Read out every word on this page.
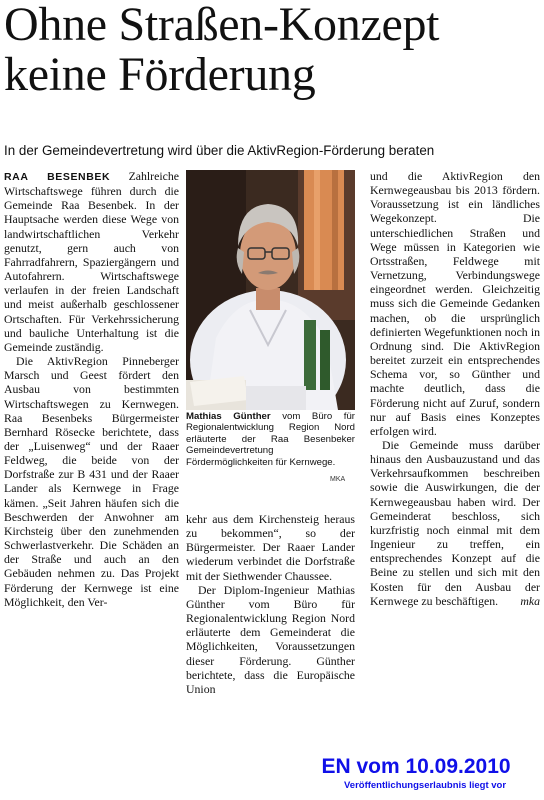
Ohne Straßen-Konzept
keine Förderung
In der Gemeindevertretung wird über die AktivRegion-Förderung beraten

RAA BESENBEK Zahlreiche Wirtschaftswege führen durch die Gemeinde Raa Besenbek. In der Hauptsache werden diese Wege von landwirtschaftlichen Verkehr genutzt, gern auch von Fahrradfahrern, Spaziergängern und Autofahrern. Wirtschaftswege verlaufen in der freien Landschaft und meist außerhalb geschlossener Ortschaften. Für Verkehrssicherung und bauliche Unterhaltung ist die Gemeinde zuständig.

Die AktivRegion Pinneberger Marsch und Geest fördert den Ausbau von bestimmten Wirtschaftswegen zu Kernwegen. Raa Besenbeks Bürgermeister Bernhard Rösecke berichtete, dass der „Luisenweg“ und der Raaer Feldweg, die beide von der Dorfstraße zur B 431 und der Raaer Lander als Kernwege in Frage kämen. „Seit Jahren häufen sich die Beschwerden der Anwohner am Kirchsteig über den zunehmenden Schwerlastverkehr. Die Schäden an der Straße und auch an den Gebäuden nehmen zu. Das Projekt Förderung der Kernwege ist eine Möglichkeit, den Ver-

Mathias Günther vom Büro für Regionalentwicklung Region Nord erläuterte der Raa Besenbeker Gemeindevertretung Fördermöglichkeiten für Kernwege.
MKA

kehr aus dem Kirchensteig heraus zu bekommen“, so der Bürgermeister. Der Raaer Lander wiederum verbindet die Dorfstraße mit der Siethwender Chaussee.

Der Diplom-Ingenieur Mathias Günther vom Büro für Regionalentwicklung Region Nord erläuterte dem Gemeinderat die Möglichkeiten, Voraussetzungen dieser Förderung. Günther berichtete, dass die Europäische Union

und die AktivRegion den Kernwegeausbau bis 2013 fördern. Voraussetzung ist ein ländliches Wegekonzept. Die unterschiedlichen Straßen und Wege müssen in Kategorien wie Ortsstraßen, Feldwege mit Vernetzung, Verbindungswege eingeordnet werden. Gleichzeitig muss sich die Gemeinde Gedanken machen, ob die ursprünglich definierten Wegefunktionen noch in Ordnung sind. Die AktivRegion bereitet zurzeit ein entsprechendes Schema vor, so Günther und machte deutlich, dass die Förderung nicht auf Zuruf, sondern nur auf Basis eines Konzeptes erfolgen wird.

Die Gemeinde muss darüber hinaus den Ausbauzustand und das Verkehrsaufkommen beschreiben sowie die Auswirkungen, die der Kernwegeausbau haben wird. Der Gemeinderat beschloss, sich kurzfristig noch einmal mit dem Ingenieur zu treffen, ein entsprechendes Konzept auf die Beine zu stellen und sich mit den Kosten für den Ausbau der Kernwege zu beschäftigen.	mka

EN vom 10.09.2010
Veröffentlichungserlaubnis liegt vor
